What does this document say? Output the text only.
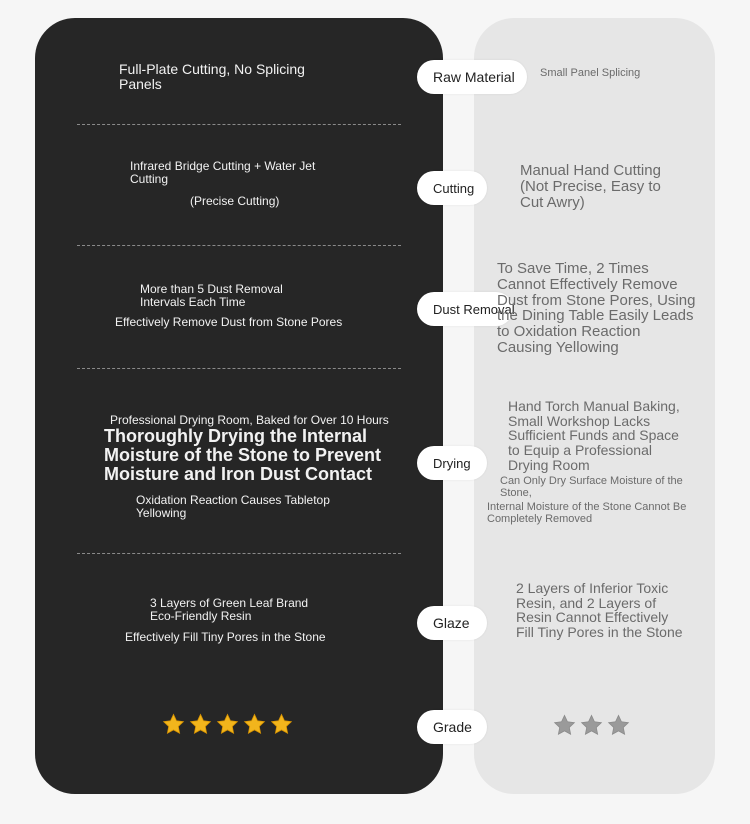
Full-Plate Cutting, No Splicing Panels	Raw Material	Small Panel Splicing
Infrared Bridge Cutting + Water Jet Cutting
(Precise Cutting)
Cutting
Manual Hand Cutting (Not Precise, Easy to Cut Awry)
More than 5 Dust Removal Intervals Each Time
Effectively Remove Dust from Stone Pores
Dust Removal
To Save Time, 2 Times Cannot Effectively Remove Dust from Stone Pores, Using the Dining Table Easily Leads to Oxidation Reaction Causing Yellowing
Professional Drying Room, Baked for Over 10 Hours
Thoroughly Drying the Internal Moisture of the Stone to Prevent Moisture and Iron Dust Contact
Oxidation Reaction Causes Tabletop Yellowing
Drying
Hand Torch Manual Baking, Small Workshop Lacks Sufficient Funds and Space to Equip a Professional Drying Room
Can Only Dry Surface Moisture of the Stone,
Internal Moisture of the Stone Cannot Be Completely Removed
3 Layers of Green Leaf Brand Eco-Friendly Resin
Effectively Fill Tiny Pores in the Stone
Glaze
2 Layers of Inferior Toxic Resin, and 2 Layers of Resin Cannot Effectively Fill Tiny Pores in the Stone
Grade
